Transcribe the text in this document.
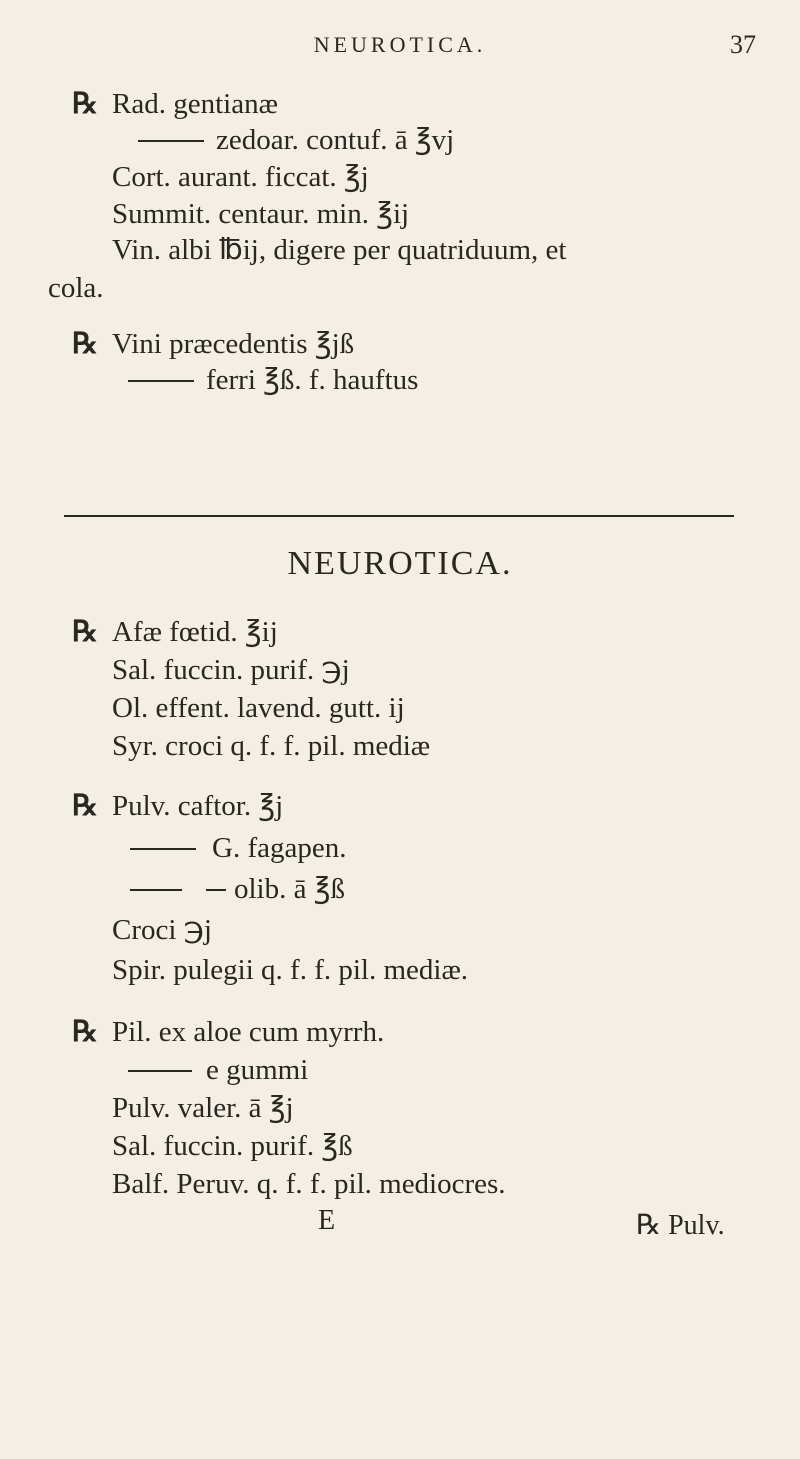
NEUROTICA.	37
℞ Rad. gentianæ
zedoar. contuf. ā ℥vj
Cort. aurant. ficcat. ℥j
Summit. centaur. min. ℥ij
Vin. albi ℔ij, digere per quatriduum, et
cola.
℞ Vini præcedentis ℥jß
ferri ℥ß. f. hauftus
NEUROTICA.
℞ Afæ fœtid. ℥ij
Sal. fuccin. purif. ℈j
Ol. effent. lavend. gutt. ij
Syr. croci q. f. f. pil. mediæ
℞ Pulv. caftor. ℥j
G. fagapen.
olib. ā ℥ß
Croci ℈j
Spir. pulegii q. f. f. pil. mediæ.
℞ Pil. ex aloe cum myrrh.
e gummi
Pulv. valer. ā ℥j
Sal. fuccin. purif. ℥ß
Balf. Peruv. q. f. f. pil. mediocres.
E	℞ Pulv.
